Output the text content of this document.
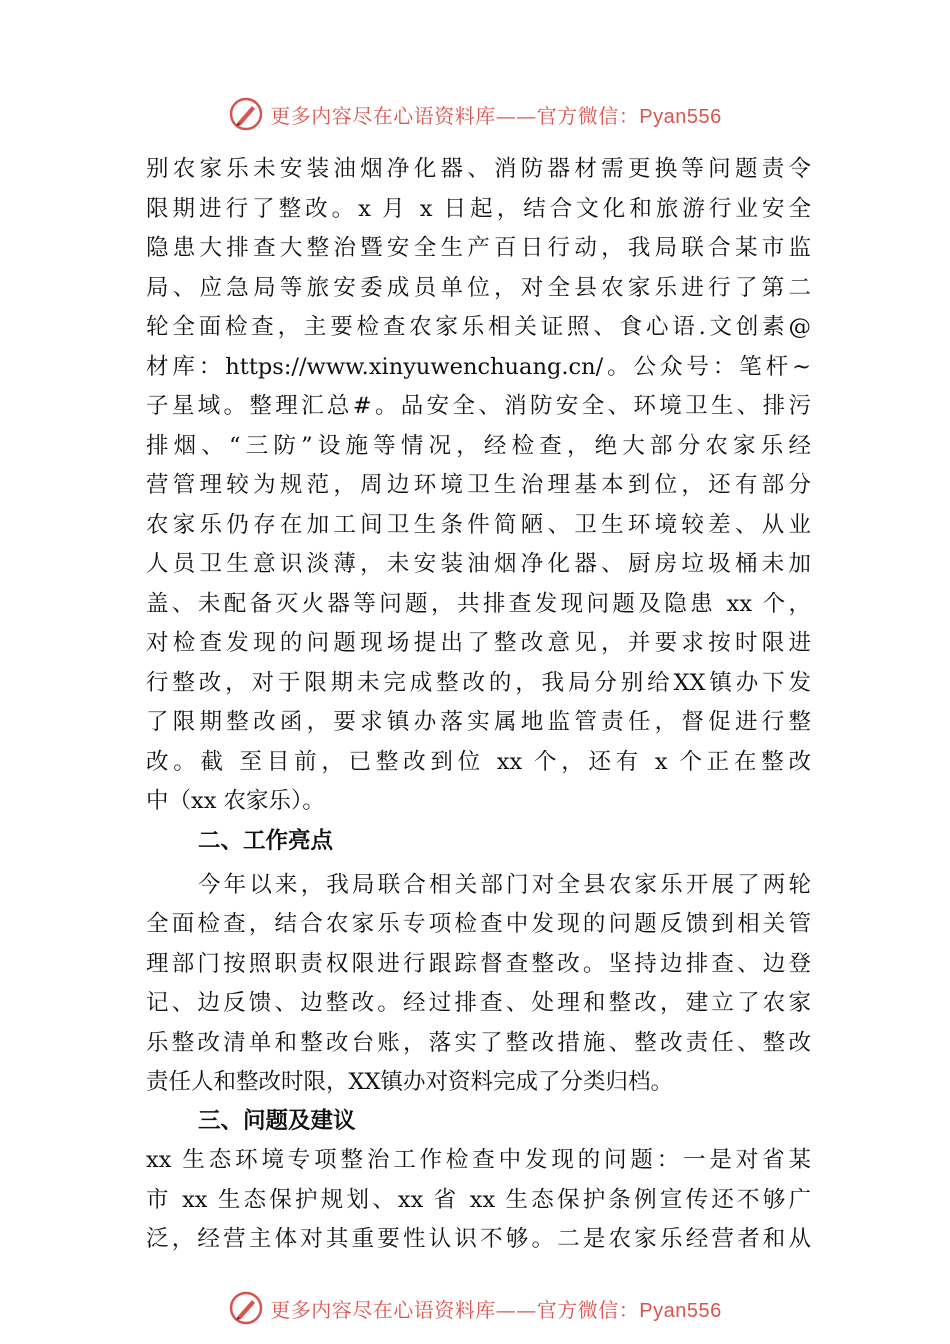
更多内容尽在心语资料库——官方微信：Pyan556
别农家乐未安装油烟净化器、消防器材需更换等问题责令
限期进行了整改。x 月 x 日起，结合文化和旅游行业安全
隐患大排查大整治暨安全生产百日行动，我局联合某市监
局、应急局等旅安委成员单位，对全县农家乐进行了第二
轮全面检查，主要检查农家乐相关证照、食心语.文创素@
材库：https://www.xinyuwenchuang.cn/。公众号：笔杆~
子星域。整理汇总#。品安全、消防安全、环境卫生、排污
排烟、“三防”设施等情况，经检查，绝大部分农家乐经
营管理较为规范，周边环境卫生治理基本到位，还有部分
农家乐仍存在加工间卫生条件简陋、卫生环境较差、从业
人员卫生意识淡薄，未安装油烟净化器、厨房垃圾桶未加
盖、未配备灭火器等问题，共排查发现问题及隐患 xx 个，
对检查发现的问题现场提出了整改意见，并要求按时限进
行整改，对于限期未完成整改的，我局分别给XX镇办下发
了限期整改函，要求镇办落实属地监管责任，督促进行整
改。截 至目前，已整改到位 xx 个，还有 x 个正在整改
中（xx 农家乐）。
二、工作亮点
今年以来，我局联合相关部门对全县农家乐开展了两轮
全面检查，结合农家乐专项检查中发现的问题反馈到相关管
理部门按照职责权限进行跟踪督查整改。坚持边排查、边登
记、边反馈、边整改。经过排查、处理和整改，建立了农家
乐整改清单和整改台账，落实了整改措施、整改责任、整改
责任人和整改时限，XX镇办对资料完成了分类归档。
三、问题及建议
xx 生态环境专项整治工作检查中发现的问题：一是对省某
市 xx 生态保护规划、xx 省 xx 生态保护条例宣传还不够广
泛，经营主体对其重要性认识不够。二是农家乐经营者和从
更多内容尽在心语资料库——官方微信：Pyan556
